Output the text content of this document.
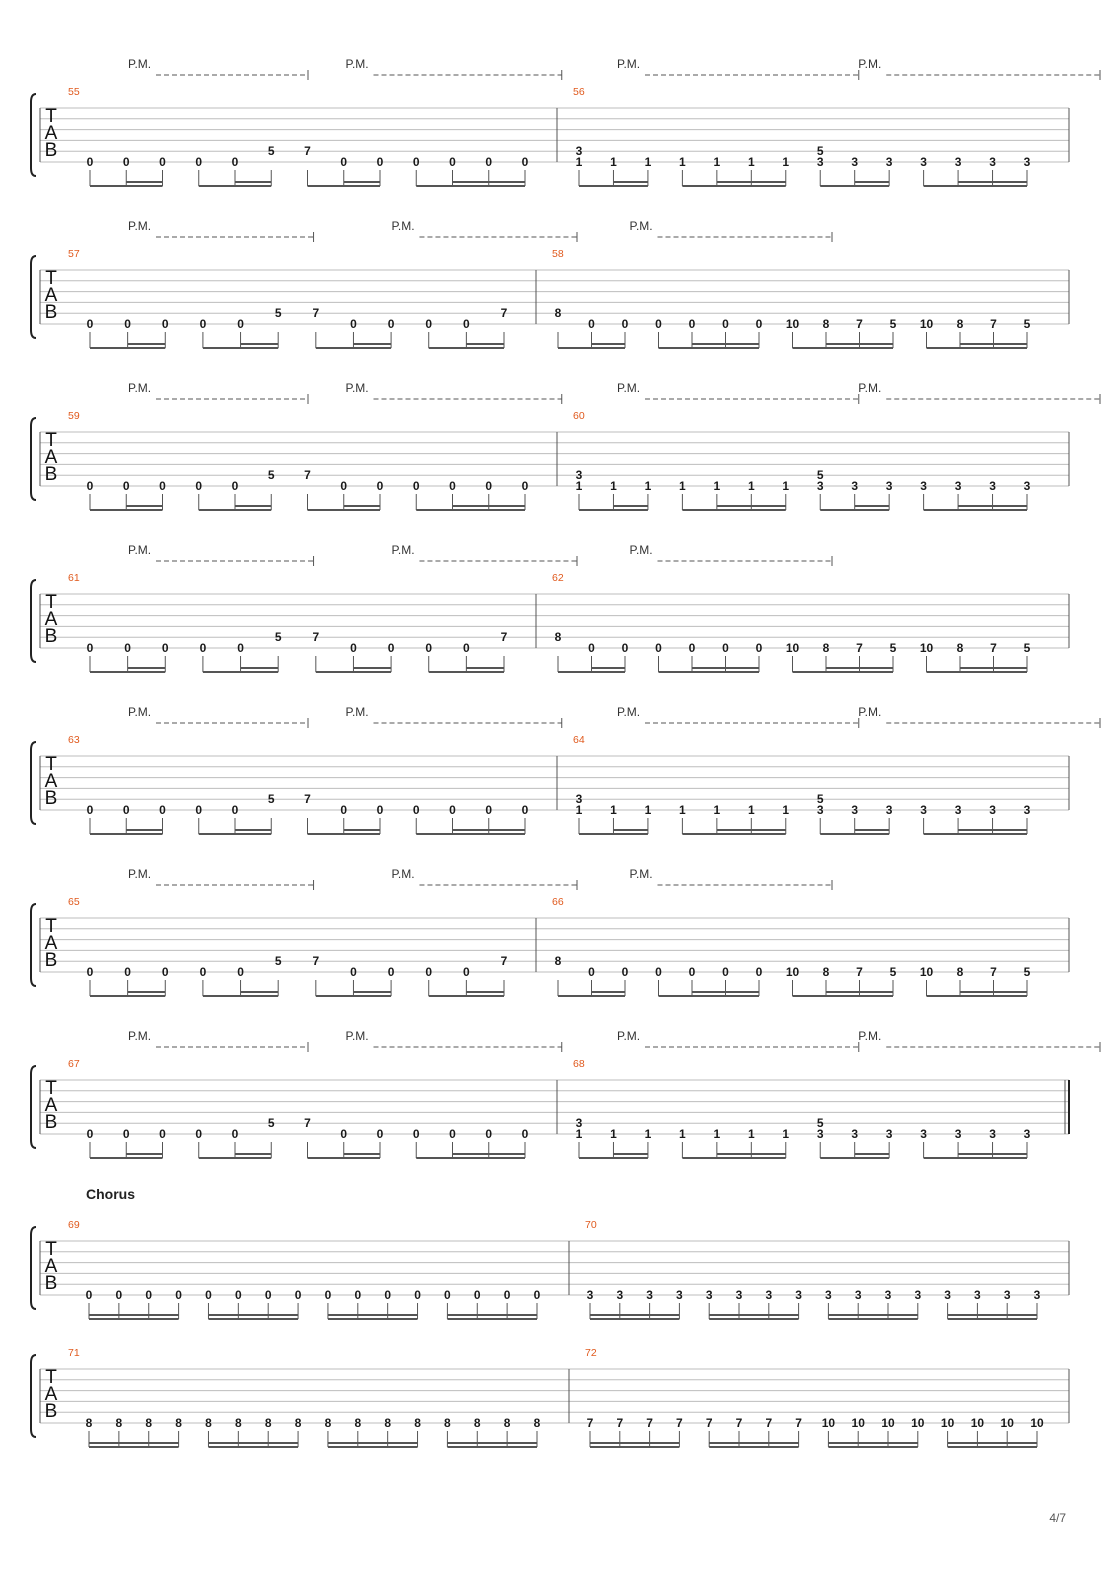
T
A
B
55
0 0 0 0 0
5 7
0 0 0 0 0 0
P.M.	P.M.
56
3
1 1 1 1 1 1 1
5
3 3 3 3 3 3 3
P.M.	P.M.
T
A
B
57
0	0	0	0	0
5	7
0	0	0	0
7
P.M.	P.M.
58
8
0 0 0 0 0 0 10 8 7 5 10 8 7 5
P.M.
T
A
B
59
0 0 0 0 0
5 7
0 0 0 0 0 0
P.M.	P.M.
60
3
1 1 1 1 1 1 1
5
3 3 3 3 3 3 3
P.M.	P.M.
T
A
B
61
0	0	0	0	0
5	7
0	0	0	0
7
P.M.	P.M.
62
8
0 0 0 0 0 0 10 8 7 5 10 8 7 5
P.M.
T
A
B
63
0 0 0 0 0
5 7
0 0 0 0 0 0
P.M.	P.M.
64
3
1 1 1 1 1 1 1
5
3 3 3 3 3 3 3
P.M.	P.M.
T
A
B
65
0	0	0	0	0
5	7
0	0	0	0
7
P.M.	P.M.
66
8
0 0 0 0 0 0 10 8 7 5 10 8 7 5
P.M.
T
A
B
67
0 0 0 0 0
5 7
0 0 0 0 0 0
P.M.	P.M.
68
3
1 1 1 1 1 1 1
5
3 3 3 3 3 3 3
P.M.	P.M.
T
A
B
Chorus
69
0 0 0 0 0 0 0 0 0 0 0 0 0 0 0 0
70
3 3 3 3 3 3 3 3 3 3 3 3 3 3 3 3
T
A
B
71
8 8 8 8 8 8 8 8 8 8 8 8 8 8 8 8
72
7 7 7 7 7 7 7 7 10 10 10 10 10 10 10 10
4/7
